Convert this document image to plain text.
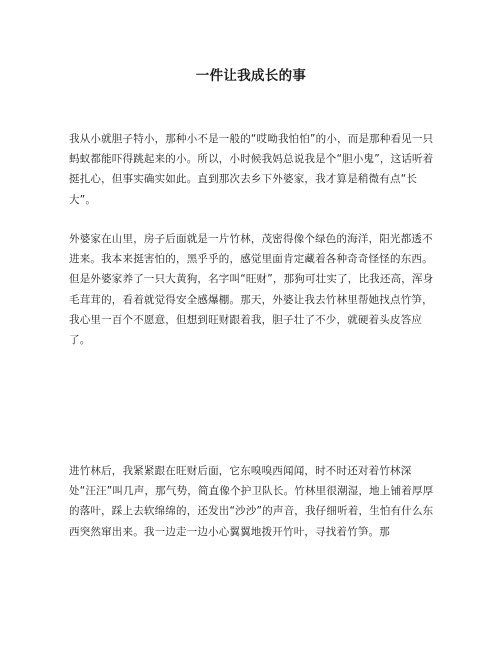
一件让我成长的事

我从小就胆子特小，那种小不是一般的“哎呦我怕怕”的小，而是那种看见一只蚂蚁都能吓得跳起来的小。所以，小时候我妈总说我是个“胆小鬼”，这话听着挺扎心，但事实确实如此。直到那次去乡下外婆家，我才算是稍微有点“长大”。

外婆家在山里，房子后面就是一片竹林，茂密得像个绿色的海洋，阳光都透不进来。我本来挺害怕的，黑乎乎的，感觉里面肯定藏着各种奇奇怪怪的东西。但是外婆家养了一只大黄狗，名字叫“旺财”，那狗可壮实了，比我还高，浑身毛茸茸的，看着就觉得安全感爆棚。那天，外婆让我去竹林里帮她找点竹笋，我心里一百个不愿意，但想到旺财跟着我，胆子壮了不少，就硬着头皮答应了。

进竹林后，我紧紧跟在旺财后面，它东嗅嗅西闻闻，时不时还对着竹林深处“汪汪”叫几声，那气势，简直像个护卫队长。竹林里很潮湿，地上铺着厚厚的落叶，踩上去软绵绵的，还发出“沙沙”的声音，我仔细听着，生怕有什么东西突然窜出来。我一边走一边小心翼翼地拨开竹叶，寻找着竹笋。那
